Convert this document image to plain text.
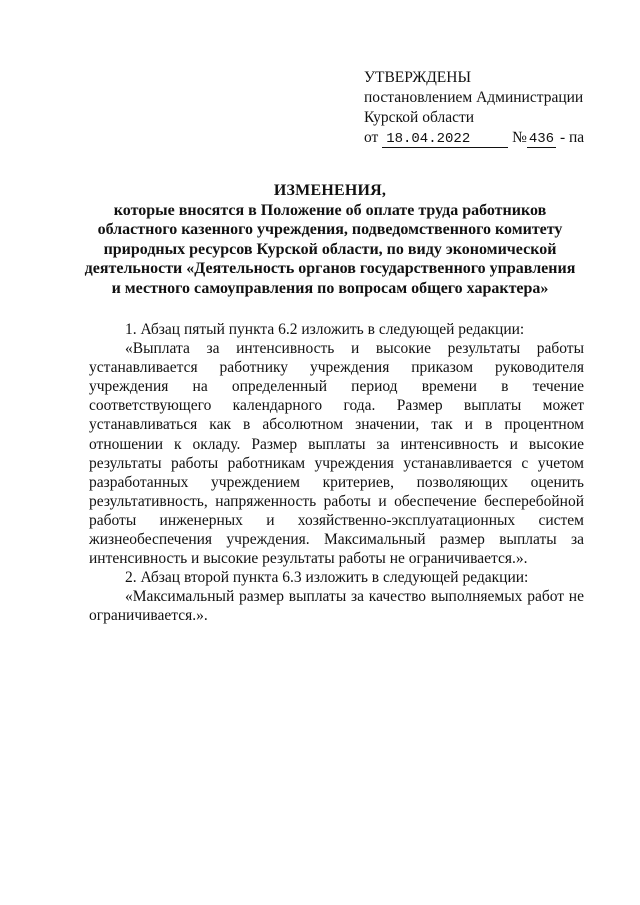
УТВЕРЖДЕНЫ
постановлением Администрации
Курской области
от 18.04.2022	№ 436 - па
ИЗМЕНЕНИЯ,
которые вносятся в Положение об оплате труда работников
областного казенного учреждения, подведомственного комитету
природных ресурсов Курской области, по виду экономической
деятельности «Деятельность органов государственного управления
и местного самоуправления по вопросам общего характера»

1. Абзац пятый пункта 6.2 изложить в следующей редакции:

«Выплата за интенсивность и высокие результаты работы устанавливается работнику учреждения приказом руководителя учреждения на определенный период времени в течение соответствующего календарного года. Размер выплаты может устанавливаться как в абсолютном значении, так и в процентном отношении к окладу. Размер выплаты за интенсивность и высокие результаты работы работникам учреждения устанавливается с учетом разработанных учреждением критериев, позволяющих оценить результативность, напряженность работы и обеспечение бесперебойной работы инженерных и хозяйственно-эксплуатационных систем жизнеобеспечения учреждения. Максимальный размер выплаты за интенсивность и высокие результаты работы не ограничивается.».

2. Абзац второй пункта 6.3 изложить в следующей редакции:

«Максимальный размер выплаты за качество выполняемых работ не ограничивается.».
